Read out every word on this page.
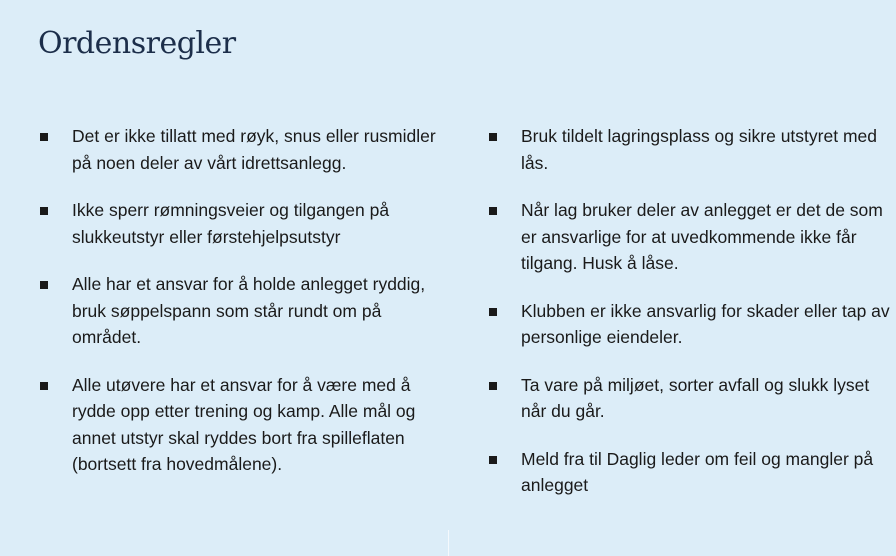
Ordensregler
Det er ikke tillatt med røyk, snus eller rusmidler på noen deler av vårt idrettsanlegg.
Ikke sperr rømningsveier og tilgangen på slukkeutstyr eller førstehjelpsutstyr
Alle har et ansvar for å holde anlegget ryddig, bruk søppelspann som står rundt om på området.
Alle utøvere har et ansvar for å være med å rydde opp etter trening og kamp. Alle mål og annet utstyr skal ryddes bort fra spilleflaten (bortsett fra hovedmålene).
Bruk tildelt lagringsplass og sikre utstyret med lås.
Når lag bruker deler av anlegget er det de som er ansvarlige for at uvedkommende ikke får tilgang. Husk å låse.
Klubben er ikke ansvarlig for skader eller tap av personlige eiendeler.
Ta vare på miljøet, sorter avfall og slukk lyset når du går.
Meld fra til Daglig leder om feil og mangler på anlegget
